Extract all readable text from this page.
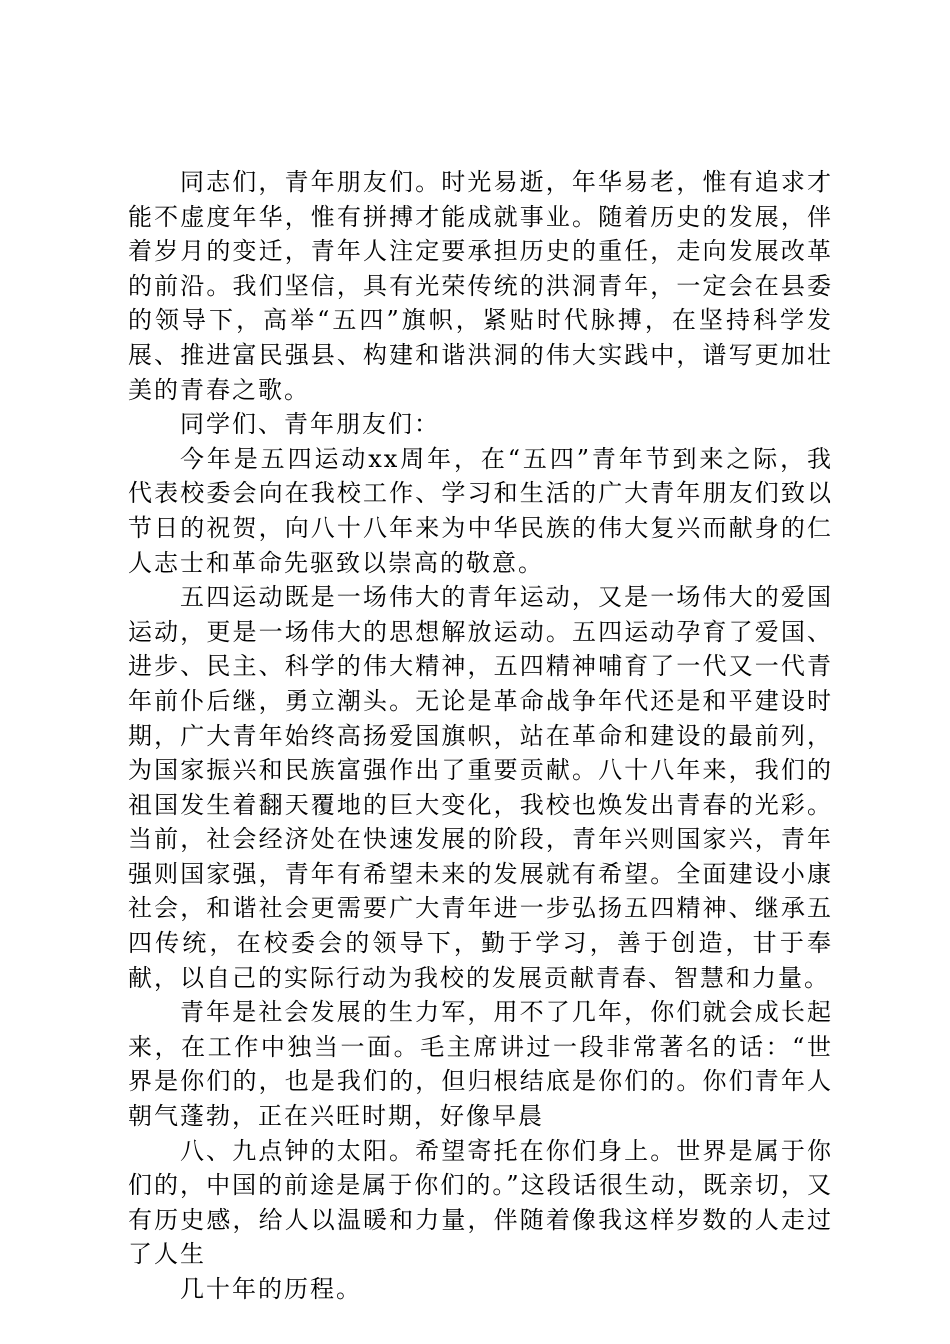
同志们，青年朋友们。时光易逝，年华易老，惟有追求才能不虚度年华，惟有拼搏才能成就事业。随着历史的发展，伴着岁月的变迁，青年人注定要承担历史的重任，走向发展改革的前沿。我们坚信，具有光荣传统的洪洞青年，一定会在县委的领导下，高举“五四”旗帜，紧贴时代脉搏，在坚持科学发展、推进富民强县、构建和谐洪洞的伟大实践中，谱写更加壮美的青春之歌。

同学们、青年朋友们：

今年是五四运动xx周年，在“五四”青年节到来之际，我代表校委会向在我校工作、学习和生活的广大青年朋友们致以节日的祝贺，向八十八年来为中华民族的伟大复兴而献身的仁人志士和革命先驱致以崇高的敬意。

五四运动既是一场伟大的青年运动，又是一场伟大的爱国运动，更是一场伟大的思想解放运动。五四运动孕育了爱国、进步、民主、科学的伟大精神，五四精神哺育了一代又一代青年前仆后继，勇立潮头。无论是革命战争年代还是和平建设时期，广大青年始终高扬爱国旗帜，站在革命和建设的最前列，为国家振兴和民族富强作出了重要贡献。八十八年来，我们的祖国发生着翻天覆地的巨大变化，我校也焕发出青春的光彩。当前，社会经济处在快速发展的阶段，青年兴则国家兴，青年强则国家强，青年有希望未来的发展就有希望。全面建设小康社会，和谐社会更需要广大青年进一步弘扬五四精神、继承五四传统，在校委会的领导下，勤于学习，善于创造，甘于奉献，以自己的实际行动为我校的发展贡献青春、智慧和力量。

青年是社会发展的生力军，用不了几年，你们就会成长起来，在工作中独当一面。毛主席讲过一段非常著名的话：“世界是你们的，也是我们的，但归根结底是你们的。你们青年人朝气蓬勃，正在兴旺时期，好像早晨

八、九点钟的太阳。希望寄托在你们身上。世界是属于你们的，中国的前途是属于你们的。”这段话很生动，既亲切，又有历史感，给人以温暖和力量，伴随着像我这样岁数的人走过了人生

几十年的历程。
